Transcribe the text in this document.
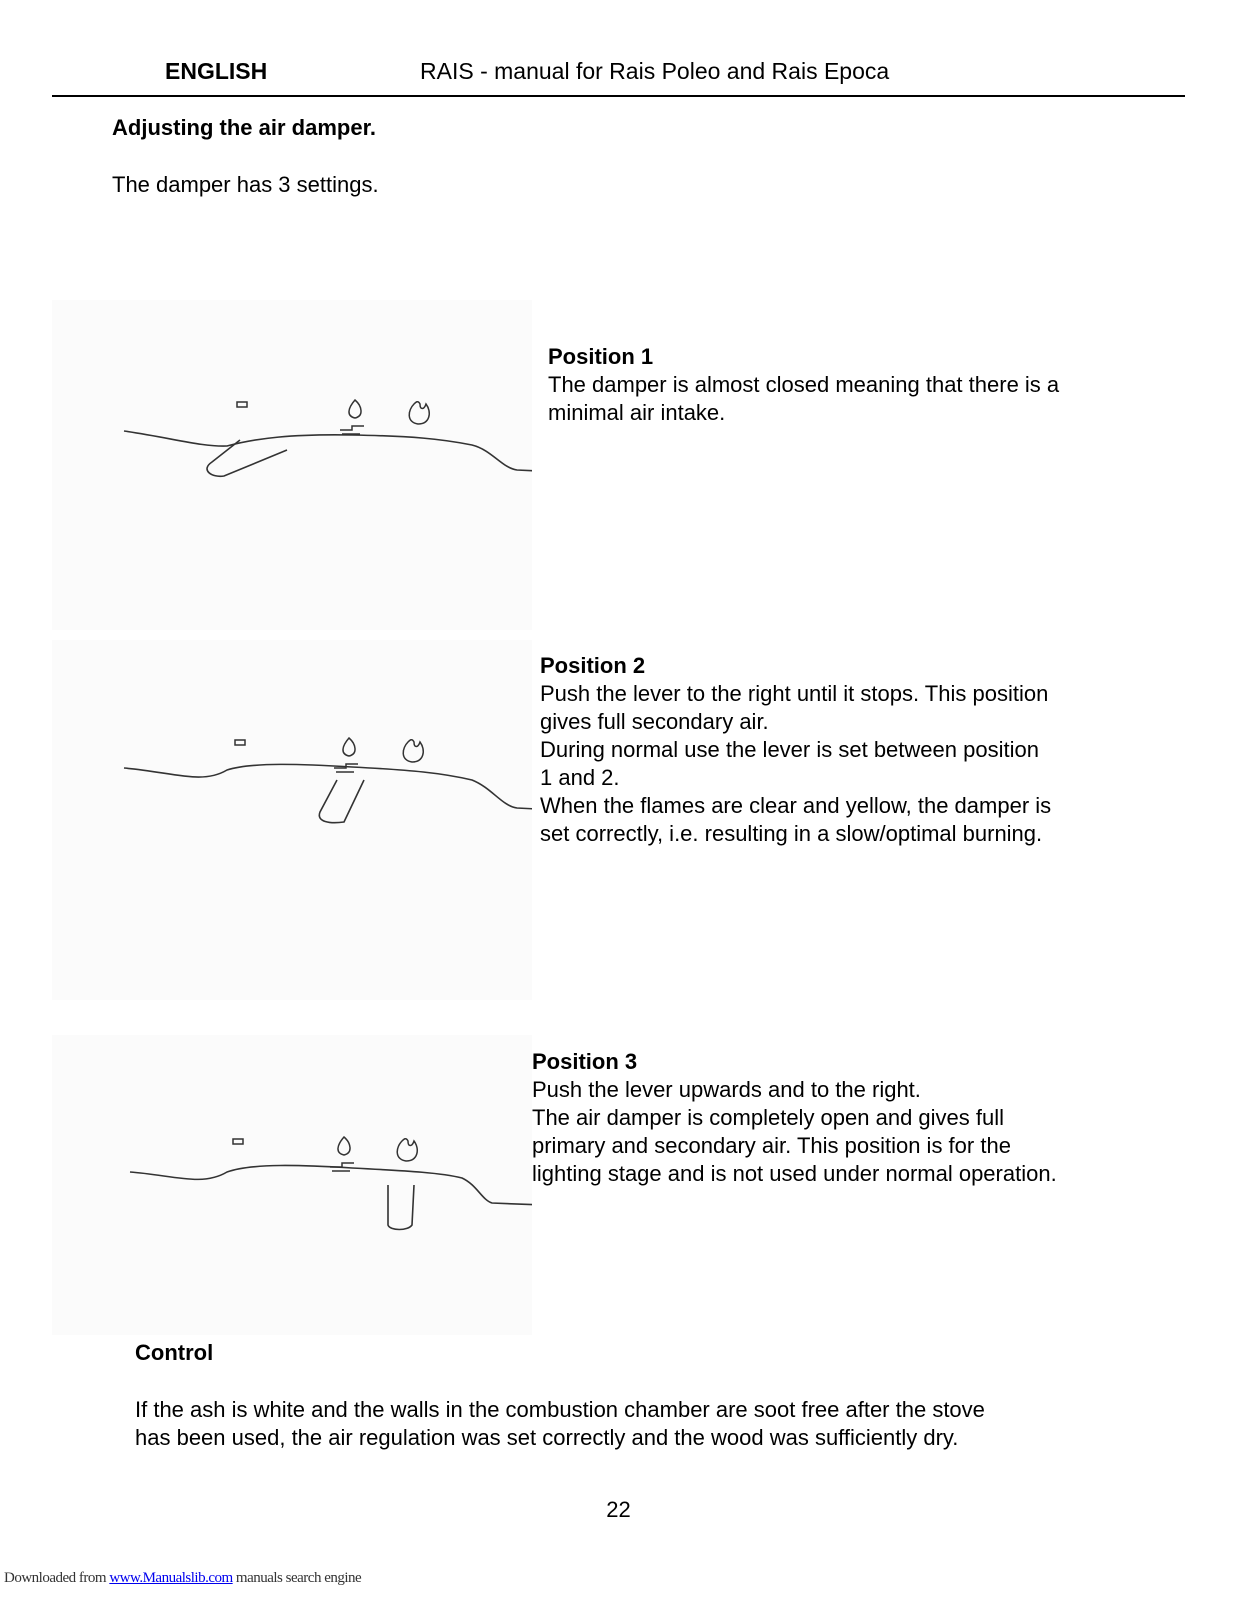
ENGLISH	RAIS - manual for Rais Poleo and Rais Epoca
Adjusting the air damper.
The damper has 3 settings.
Position 1
The damper is almost closed meaning that there is a
minimal air intake.
Position 2
Push the lever to the right until it stops. This position
gives full secondary air.
During normal use the lever is set between position
1 and 2.
When the flames are clear and yellow, the damper is
set correctly, i.e. resulting in a slow/optimal burning.
Position 3
Push the lever upwards and to the right.
The air damper is completely open and gives full
primary and secondary air. This position is for the
lighting stage and is not used under normal operation.
Control
If the ash is white and the walls in the combustion chamber are soot free after the stove
has been used, the air regulation was set correctly and the wood was sufficiently dry.
22
Downloaded from www.Manualslib.com manuals search engine
